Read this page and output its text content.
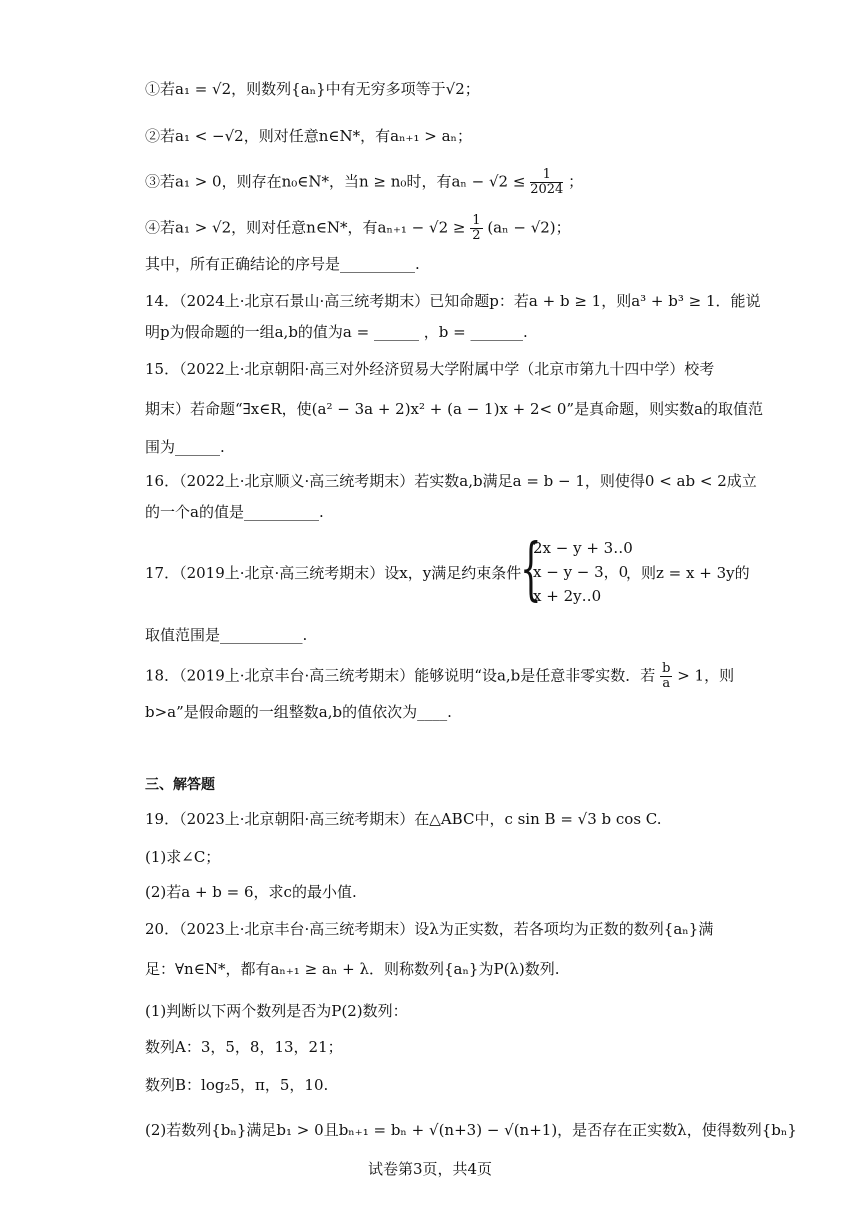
①若a₁ = √2，则数列{aₙ}中有无穷多项等于√2；
②若a₁ < −√2，则对任意n∈N*，有aₙ₊₁ > aₙ；
③若a₁ > 0，则存在n₀∈N*，当n ≥ n₀时，有$a_n - √2 \le \frac{1}{2024}$ ；
④若a₁ > √2，则对任意n∈N*，有$a_{n+1} - √2 \ge \frac{1}{2} (a_n - √2)$；
其中，所有正确结论的序号是__________.
14．（2024上·北京石景山·高三统考期末）已知命题p：若a + b ≥ 1，则a³ + b³ ≥ 1．能说
明p为假命题的一组a,b的值为a = ______ ，b = _______.
15．（2022上·北京朝阳·高三对外经济贸易大学附属中学（北京市第九十四中学）校考
期末）若命题“∃x∈R，使(a² − 3a + 2)x² + (a − 1)x + 2< 0”是真命题，则实数a的取值范
围为______.
16．（2022上·北京顺义·高三统考期末）若实数a,b满足a = b − 1，则使得0 < ab < 2成立
的一个a的值是__________.
17．（2019上·北京·高三统考期末）设x，y满足约束条件
{
2x − y + 3‥0
x − y − 3，0
x + 2y‥0
，则z = x + 3y的
取值范围是___________.
18．（2019上·北京丰台·高三统考期末）能够说明“设a,b是任意非零实数．若 $\frac{b}{a} > 1$，则
b>a”是假命题的一组整数a,b的值依次为____.
三、解答题
19．（2023上·北京朝阳·高三统考期末）在△ABC中，c sin B = √3 b cos C.
(1)求∠C；
(2)若a + b = 6，求c的最小值.
20．（2023上·北京丰台·高三统考期末）设λ为正实数，若各项均为正数的数列{aₙ}满
足：∀n∈N*，都有aₙ₊₁ ≥ aₙ + λ．则称数列{aₙ}为P(λ)数列.
(1)判断以下两个数列是否为P(2)数列：
数列A：3，5，8，13，21；
数列B：log₂5，π，5，10.
(2)若数列{bₙ}满足b₁ > 0且bₙ₊₁ = bₙ + √(n+3) − √(n+1)，是否存在正实数λ，使得数列{bₙ}
试卷第3页，共4页
